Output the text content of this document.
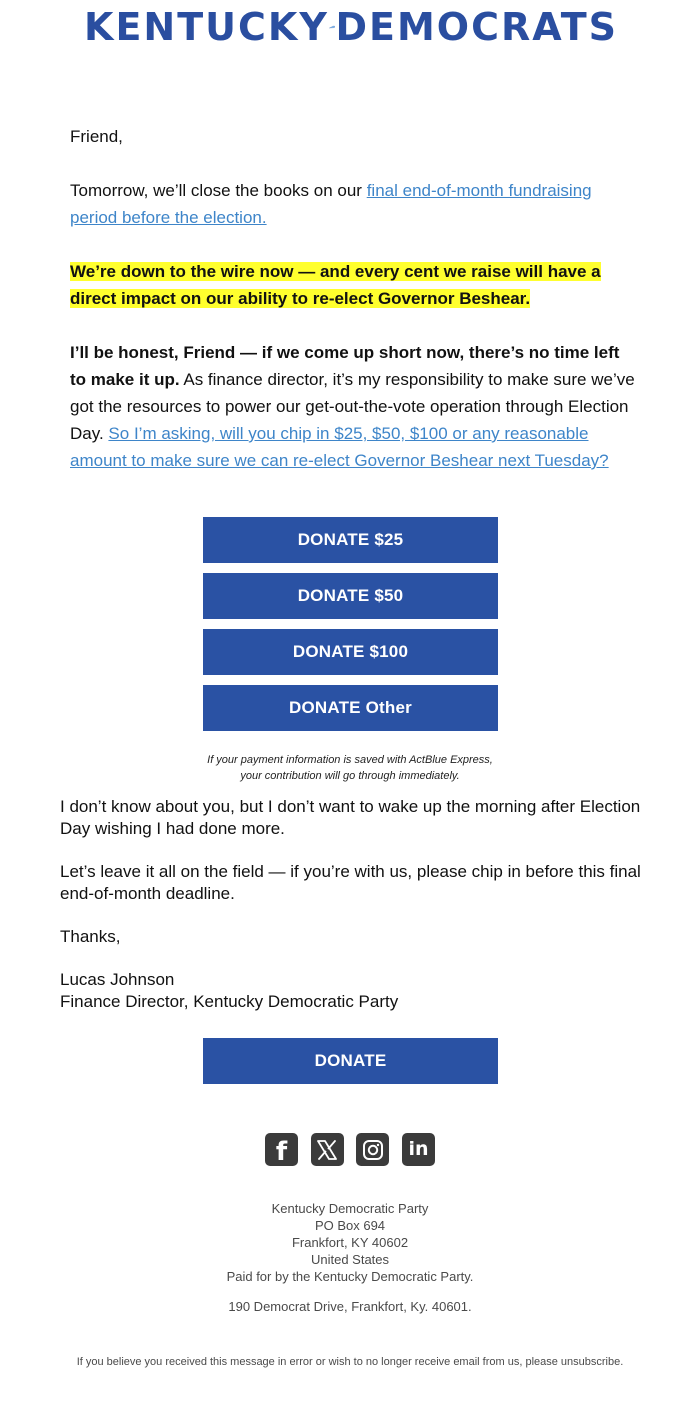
KENTUCKY DEMOCRATS

Friend,

Tomorrow, we’ll close the books on our final end-of-month fundraising period before the election.

We’re down to the wire now — and every cent we raise will have a direct impact on our ability to re-elect Governor Beshear.

I’ll be honest, Friend — if we come up short now, there’s no time left to make it up. As finance director, it’s my responsibility to make sure we’ve got the resources to power our get-out-the-vote operation through Election Day. So I’m asking, will you chip in $25, $50, $100 or any reasonable amount to make sure we can re-elect Governor Beshear next Tuesday?

DONATE $25
DONATE $50
DONATE $100
DONATE Other
If your payment information is saved with ActBlue Express,
your contribution will go through immediately.

I don’t know about you, but I don’t want to wake up the morning after Election Day wishing I had done more.

Let’s leave it all on the field — if you’re with us, please chip in before this final end-of-month deadline.

Thanks,

Lucas Johnson
Finance Director, Kentucky Democratic Party
DONATE
f	in
Kentucky Democratic Party
PO Box 694
Frankfort, KY 40602
United States
Paid for by the Kentucky Democratic Party.
190 Democrat Drive, Frankfort, Ky. 40601.
If you believe you received this message in error or wish to no longer receive email from us, please unsubscribe.
